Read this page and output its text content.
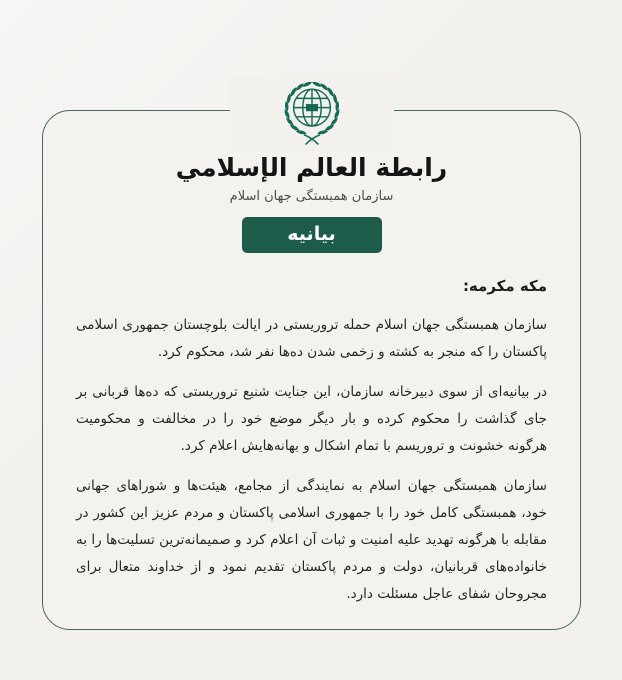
رابطة العالم الإسلامي
سازمان همبستگی جهان اسلام
بيانيه
مکه مکرمه:

سازمان همبستگی جهان اسلام حمله تروریستی در ایالت بلوچستان جمهوری اسلامی پاکستان را که منجر به کشته و زخمی شدن ده‌ها نفر شد، محکوم کرد.

در بیانیه‌ای از سوی دبیرخانه سازمان، این جنایت شنیع تروریستی که ده‌ها قربانی بر جای گذاشت را محکوم کرده و بار دیگر موضع خود را در مخالفت و محکومیت هرگونه خشونت و تروریسم با تمام اشکال و بهانه‌هایش اعلام کرد.

سازمان همبستگی جهان اسلام به نمایندگی از مجامع، هیئت‌ها و شوراهای جهانی خود، همبستگی کامل خود را با جمهوری اسلامی پاکستان و مردم عزیز این کشور در مقابله با هرگونه تهدید علیه امنیت و ثبات آن اعلام کرد و صمیمانه‌ترین تسلیت‌ها را به خانواده‌های قربانیان، دولت و مردم پاکستان تقدیم نمود و از خداوند متعال برای مجروحان شفای عاجل مسئلت دارد.
